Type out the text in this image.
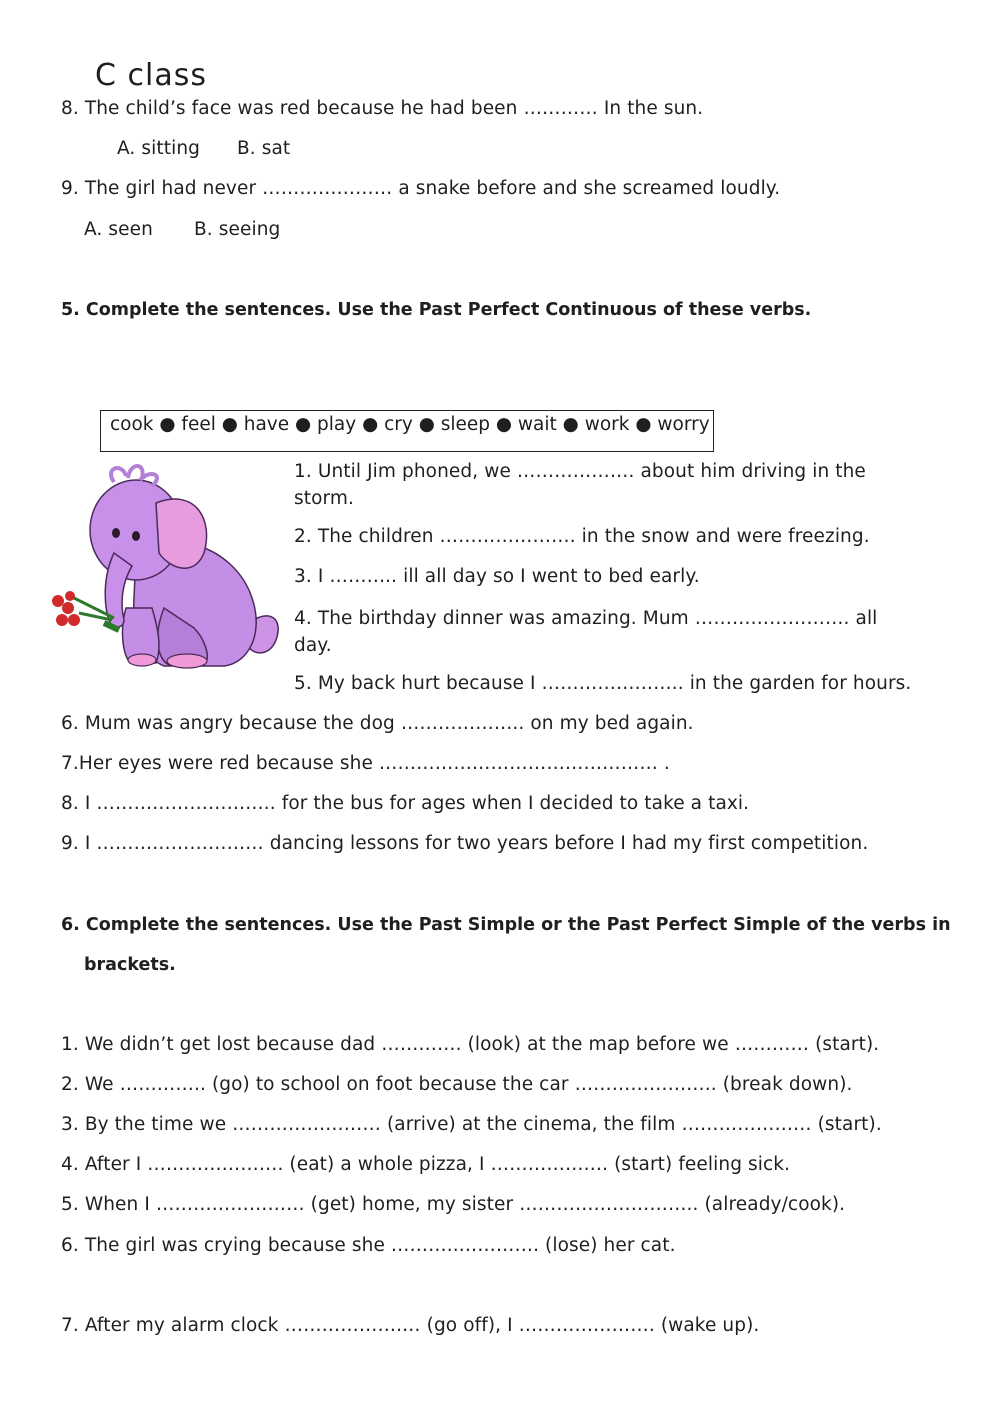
C class
8. The child’s face was red because he had been ………… In the sun.
A. sitting B. sat
9. The girl had never ………………… a snake before and she screamed loudly.
A. seen B. seeing
5. Complete the sentences. Use the Past Perfect Continuous of these verbs.
cook ● feel ● have ● play ● cry ● sleep ● wait ● work ● worry
1. Until Jim phoned, we ………………. about him driving in the storm.
2. The children …………………. in the snow and were freezing.
3. I ……….. ill all day so I went to bed early.
4. The birthday dinner was amazing. Mum ……………………. all day.
5. My back hurt because I ………………….. in the garden for hours.
6. Mum was angry because the dog ……………….. on my bed again.
7.Her eyes were red because she ……………………………………… .
8. I ……………………….. for the bus for ages when I decided to take a taxi.
9. I ……………………… dancing lessons for two years before I had my first competition.
6. Complete the sentences. Use the Past Simple or the Past Perfect Simple of the verbs in
brackets.
1. We didn’t get lost because dad …………. (look) at the map before we ………… (start).
2. We ………….. (go) to school on foot because the car ………………….. (break down).
3. By the time we …………………… (arrive) at the cinema, the film ………………… (start).
4. After I …………………. (eat) a whole pizza, I ………………. (start) feeling sick.
5. When I …………………… (get) home, my sister ……………………….. (already/cook).
6. The girl was crying because she ………..…………. (lose) her cat.
7. After my alarm clock ……………….… (go off), I …………………. (wake up).
